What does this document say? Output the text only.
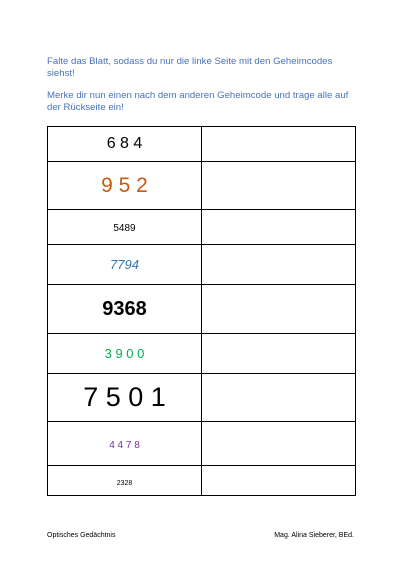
Falte das Blatt, sodass du nur die linke Seite mit den Geheimcodes siehst!
Merke dir nun einen nach dem anderen Geheimcode und trage alle auf der Rückseite ein!
6 8 4	
9 5 2	
5489	
7794	
9368	
3 9 0 0	
7 5 0 1	
4 4 7 8	
2328	
Optisches Gedächtnis	Mag. Alina Sieberer, BEd.
